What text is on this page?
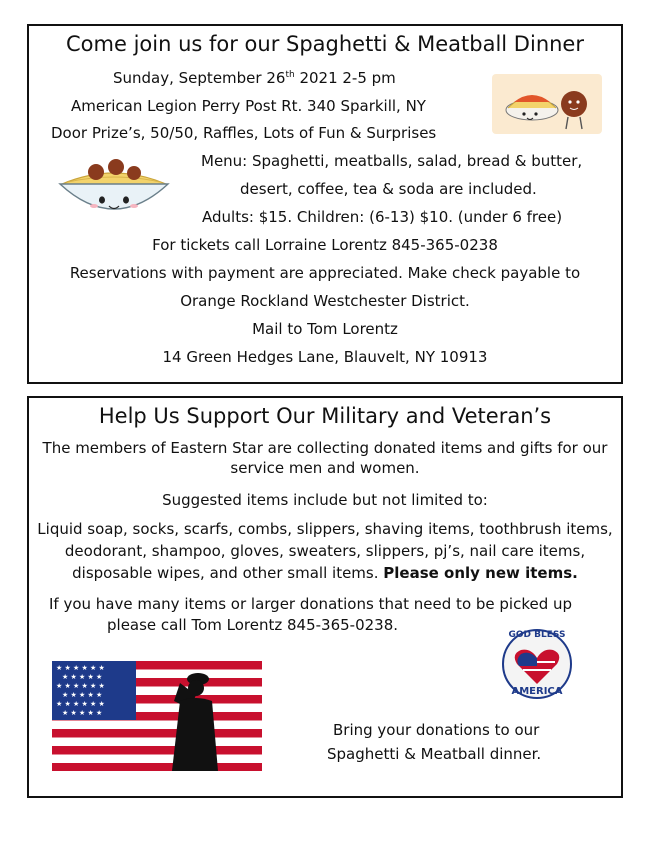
Come join us for our Spaghetti & Meatball Dinner
Sunday, September 26th 2021 2-5 pm
American Legion Perry Post Rt. 340 Sparkill, NY
Door Prize’s, 50/50, Raffles, Lots of Fun & Surprises
Menu: Spaghetti, meatballs, salad, bread & butter,
desert, coffee, tea & soda are included.
Adults: $15. Children: (6-13) $10. (under 6 free)
For tickets call Lorraine Lorentz 845-365-0238
Reservations with payment are appreciated. Make check payable to
Orange Rockland Westchester District.
Mail to Tom Lorentz
14 Green Hedges Lane, Blauvelt, NY 10913
Help Us Support Our Military and Veteran’s
The members of Eastern Star are collecting donated items and gifts for our service men and women.
Suggested items include but not limited to:
Liquid soap, socks, scarfs, combs, slippers, shaving items, toothbrush items, deodorant, shampoo, gloves, sweaters, slippers, pj’s, nail care items, disposable wipes, and other small items. Please only new items.
If you have many items or larger donations that need to be picked up
please call Tom Lorentz 845-365-0238.
GOD BLESS
AMERICA
★ ★ ★ ★ ★ ★
★ ★ ★ ★ ★
★ ★ ★ ★ ★ ★
★ ★ ★ ★ ★
★ ★ ★ ★ ★ ★
★ ★ ★ ★ ★
Bring your donations to our
Spaghetti & Meatball dinner.
